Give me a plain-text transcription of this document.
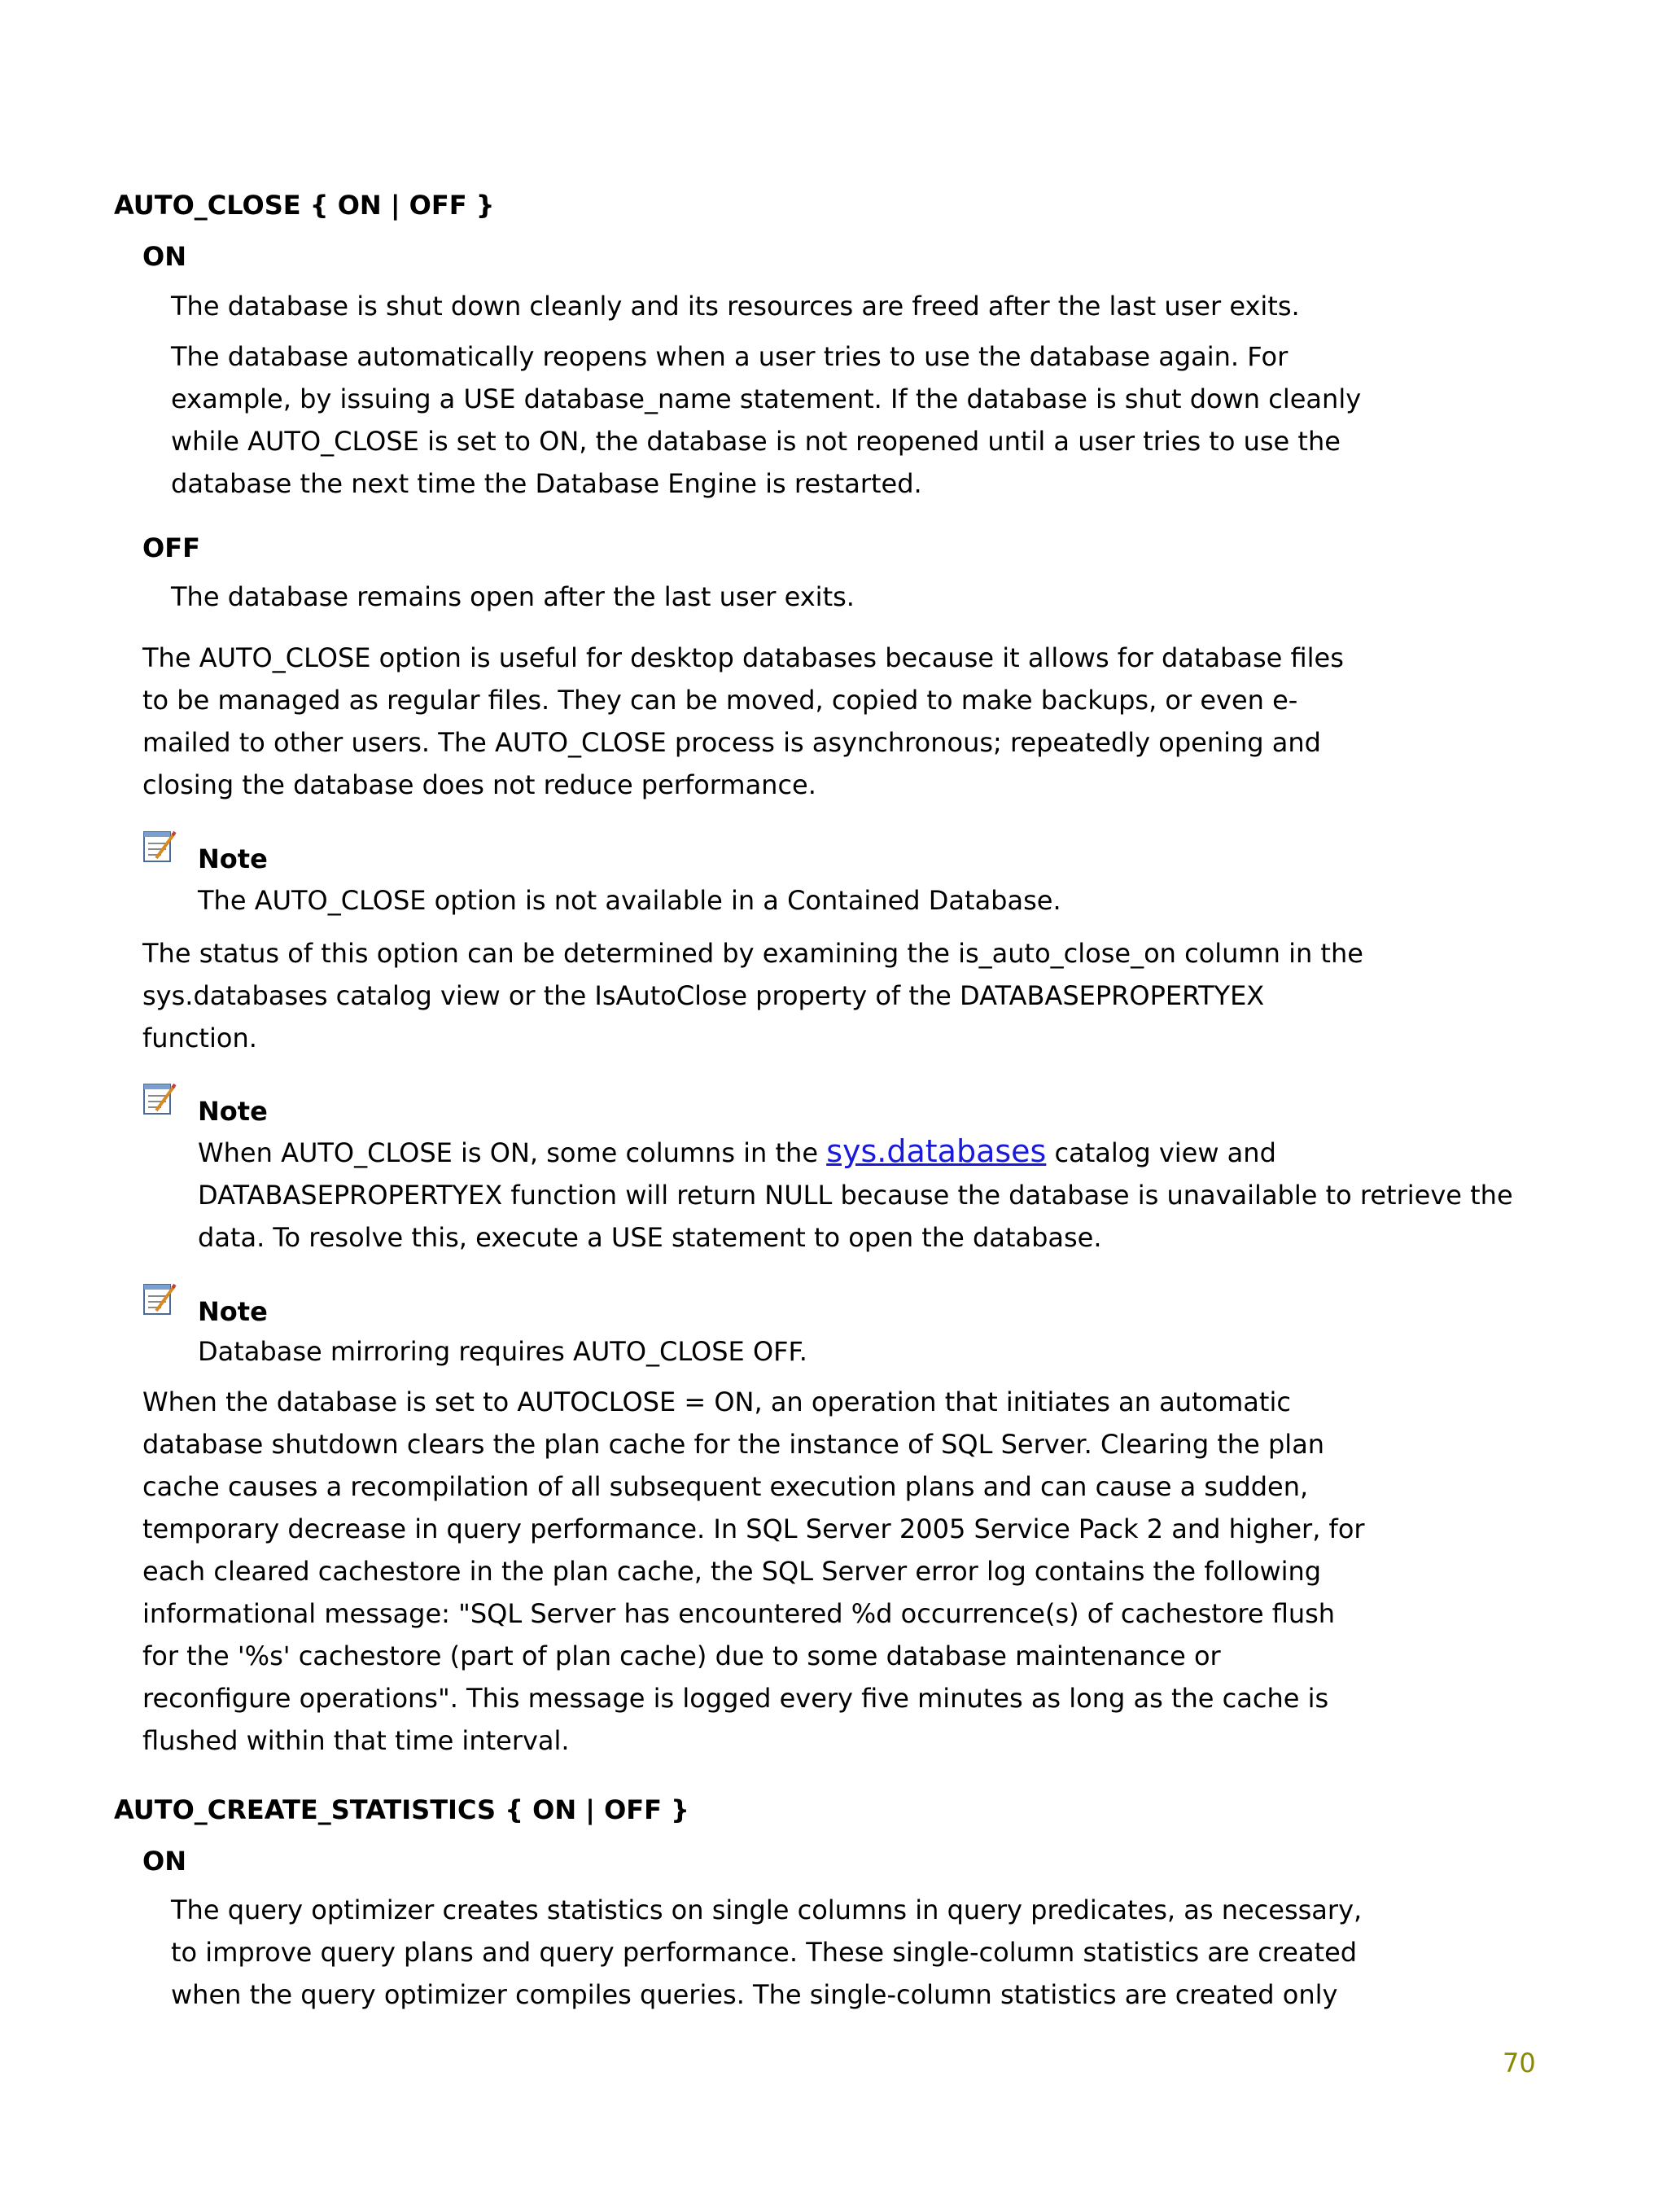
AUTO_CLOSE { ON | OFF }
ON
The database is shut down cleanly and its resources are freed after the last user exits.
The database automatically reopens when a user tries to use the database again. For
example, by issuing a USE database_name statement. If the database is shut down cleanly
while AUTO_CLOSE is set to ON, the database is not reopened until a user tries to use the
database the next time the Database Engine is restarted.
OFF
The database remains open after the last user exits.
The AUTO_CLOSE option is useful for desktop databases because it allows for database files
to be managed as regular files. They can be moved, copied to make backups, or even e-
mailed to other users. The AUTO_CLOSE process is asynchronous; repeatedly opening and
closing the database does not reduce performance.
Note
The AUTO_CLOSE option is not available in a Contained Database.
The status of this option can be determined by examining the is_auto_close_on column in the
sys.databases catalog view or the IsAutoClose property of the DATABASEPROPERTYEX
function.
Note
When AUTO_CLOSE is ON, some columns in the sys.databases catalog view and
DATABASEPROPERTYEX function will return NULL because the database is unavailable to retrieve the
data. To resolve this, execute a USE statement to open the database.
Note
Database mirroring requires AUTO_CLOSE OFF.
When the database is set to AUTOCLOSE = ON, an operation that initiates an automatic
database shutdown clears the plan cache for the instance of SQL Server. Clearing the plan
cache causes a recompilation of all subsequent execution plans and can cause a sudden,
temporary decrease in query performance. In SQL Server 2005 Service Pack 2 and higher, for
each cleared cachestore in the plan cache, the SQL Server error log contains the following
informational message: "SQL Server has encountered %d occurrence(s) of cachestore flush
for the '%s' cachestore (part of plan cache) due to some database maintenance or
reconfigure operations". This message is logged every five minutes as long as the cache is
flushed within that time interval.
AUTO_CREATE_STATISTICS { ON | OFF }
ON
The query optimizer creates statistics on single columns in query predicates, as necessary,
to improve query plans and query performance. These single-column statistics are created
when the query optimizer compiles queries. The single-column statistics are created only
70
